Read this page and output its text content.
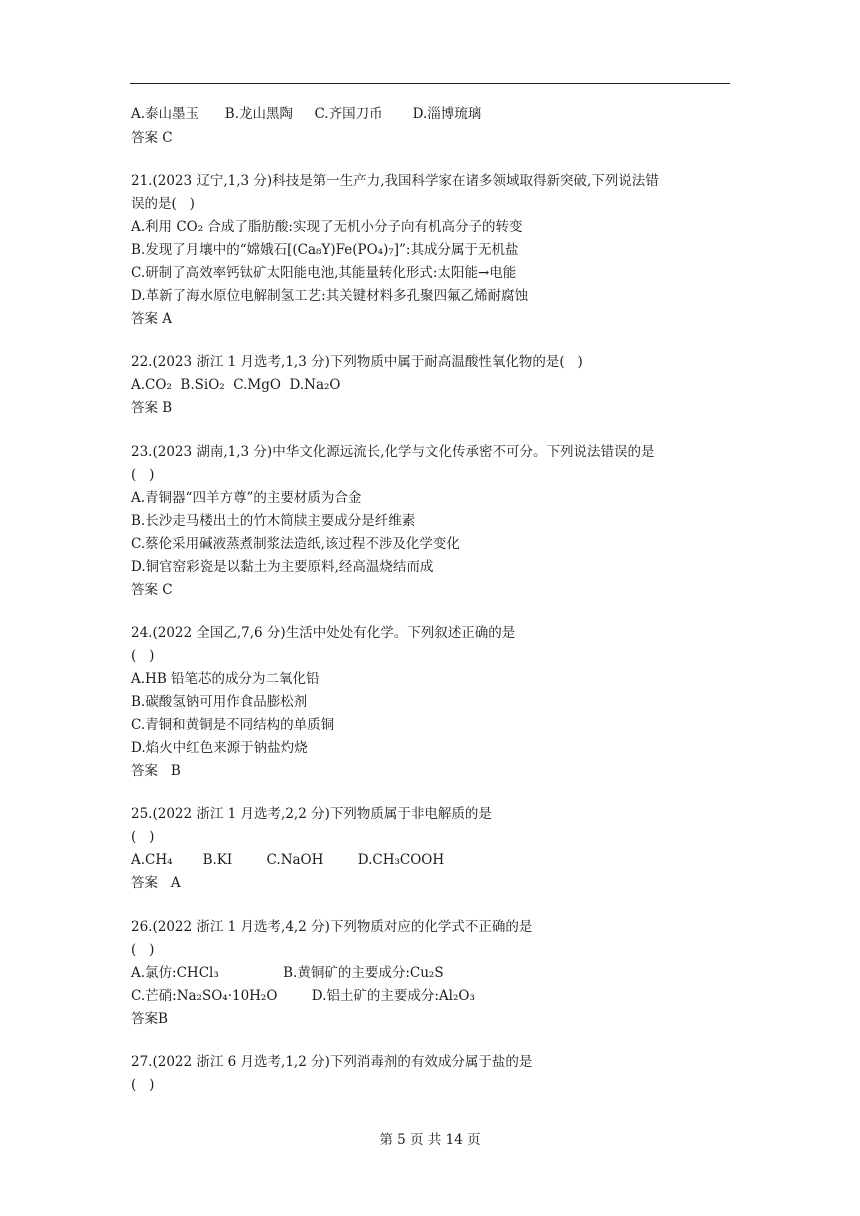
A.泰山墨玉      B.龙山黑陶     C.齐国刀币       D.淄博琉璃
答案 C
21.(2023 辽宁,1,3 分)科技是第一生产力,我国科学家在诸多领域取得新突破,下列说法错
误的是(   )
A.利用 CO₂ 合成了脂肪酸:实现了无机小分子向有机高分子的转变
B.发现了月壤中的“嫦娥石[(Ca₈Y)Fe(PO₄)₇]”:其成分属于无机盐
C.研制了高效率钙钛矿太阳能电池,其能量转化形式:太阳能→电能
D.革新了海水原位电解制氢工艺:其关键材料多孔聚四氟乙烯耐腐蚀
答案 A
22.(2023 浙江 1 月选考,1,3 分)下列物质中属于耐高温酸性氧化物的是(   )
A.CO₂  B.SiO₂  C.MgO  D.Na₂O
答案 B
23.(2023 湖南,1,3 分)中华文化源远流长,化学与文化传承密不可分。下列说法错误的是
(   )
A.青铜器“四羊方尊”的主要材质为合金
B.长沙走马楼出土的竹木简牍主要成分是纤维素
C.蔡伦采用碱液蒸煮制浆法造纸,该过程不涉及化学变化
D.铜官窑彩瓷是以黏土为主要原料,经高温烧结而成
答案 C
24.(2022 全国乙,7,6 分)生活中处处有化学。下列叙述正确的是
(   )
A.HB 铅笔芯的成分为二氧化铅
B.碳酸氢钠可用作食品膨松剂
C.青铜和黄铜是不同结构的单质铜
D.焰火中红色来源于钠盐灼烧
答案   B
25.(2022 浙江 1 月选考,2,2 分)下列物质属于非电解质的是
(   )
A.CH₄       B.KI        C.NaOH        D.CH₃COOH
答案   A
26.(2022 浙江 1 月选考,4,2 分)下列物质对应的化学式不正确的是
(   )
A.氯仿:CHCl₃               B.黄铜矿的主要成分:Cu₂S
C.芒硝:Na₂SO₄·10H₂O        D.铝土矿的主要成分:Al₂O₃
答案B
27.(2022 浙江 6 月选考,1,2 分)下列消毒剂的有效成分属于盐的是
(   )
第 5 页 共 14 页
